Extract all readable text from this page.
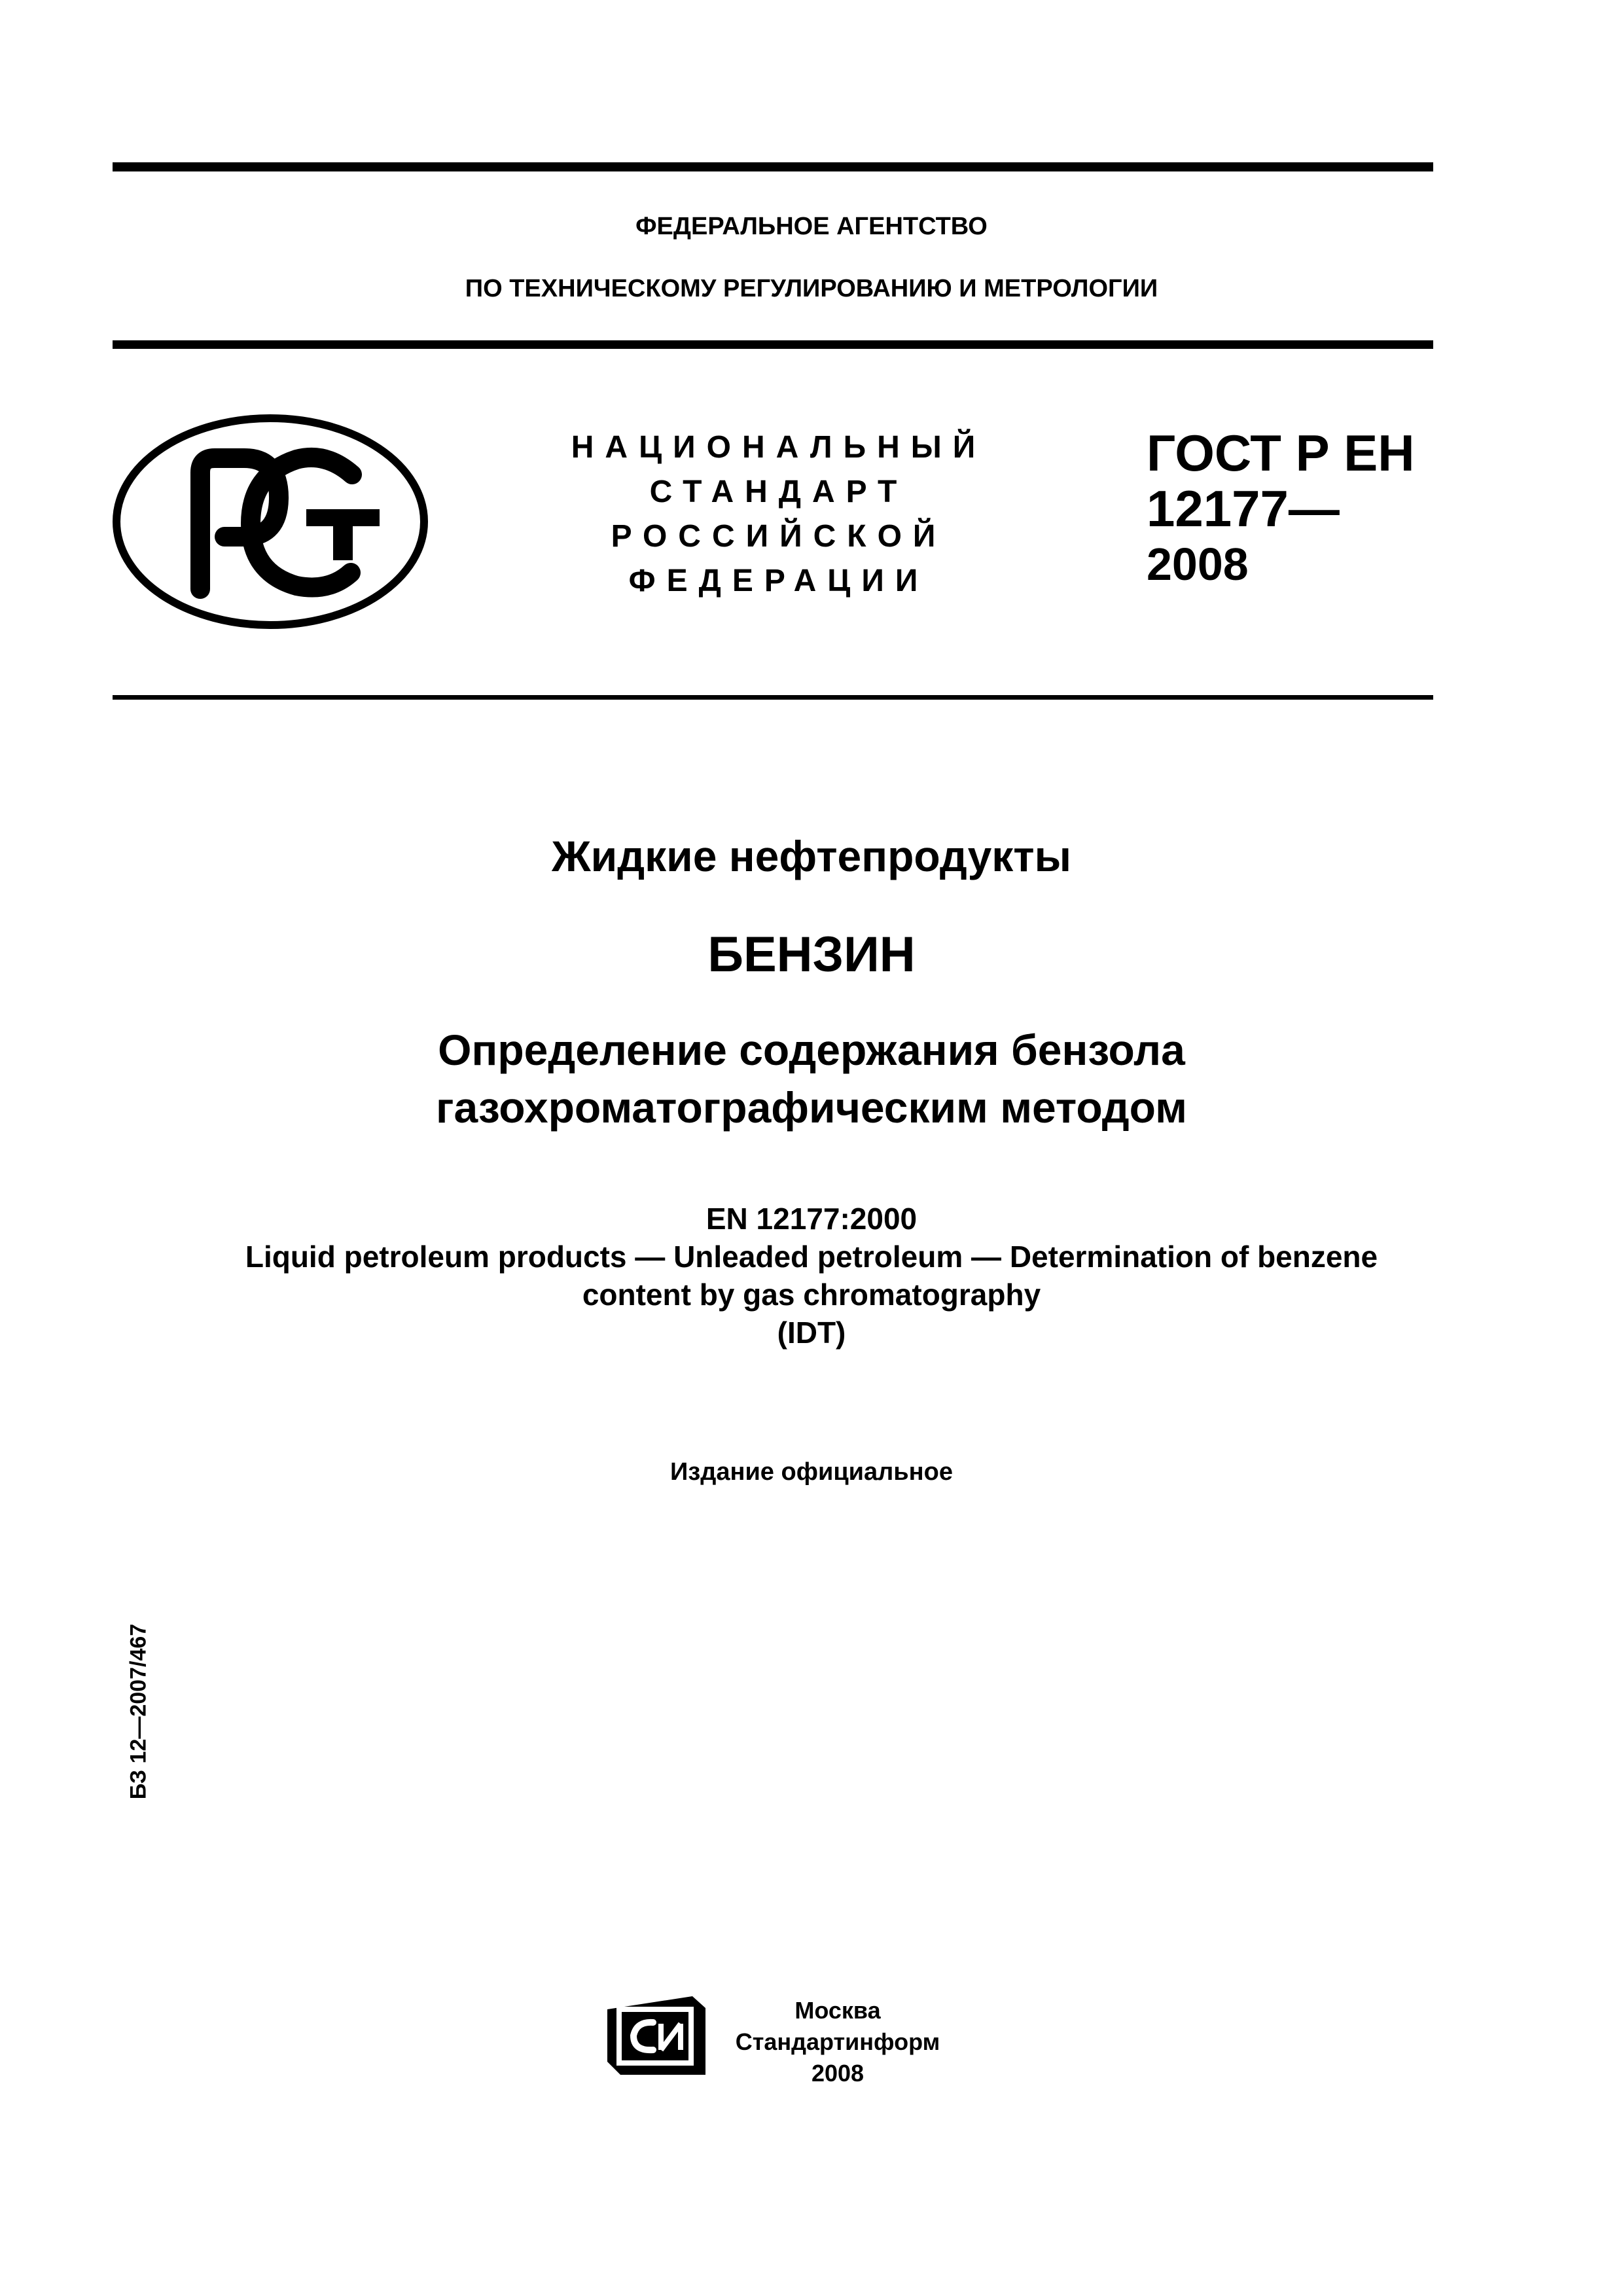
ФЕДЕРАЛЬНОЕ АГЕНТСТВО
ПО ТЕХНИЧЕСКОМУ РЕГУЛИРОВАНИЮ И МЕТРОЛОГИИ
НАЦИОНАЛЬНЫЙ
СТАНДАРТ
РОССИЙСКОЙ
ФЕДЕРАЦИИ
ГОСТ Р ЕН
12177—
2008
Жидкие нефтепродукты
БЕНЗИН
Определение содержания бензола
газохроматографическим методом
EN 12177:2000
Liquid petroleum products — Unleaded petroleum — Determination of benzene
content by gas chromatography
(IDT)
Издание официальное
БЗ 12—2007/467
Москва
Стандартинформ
2008
